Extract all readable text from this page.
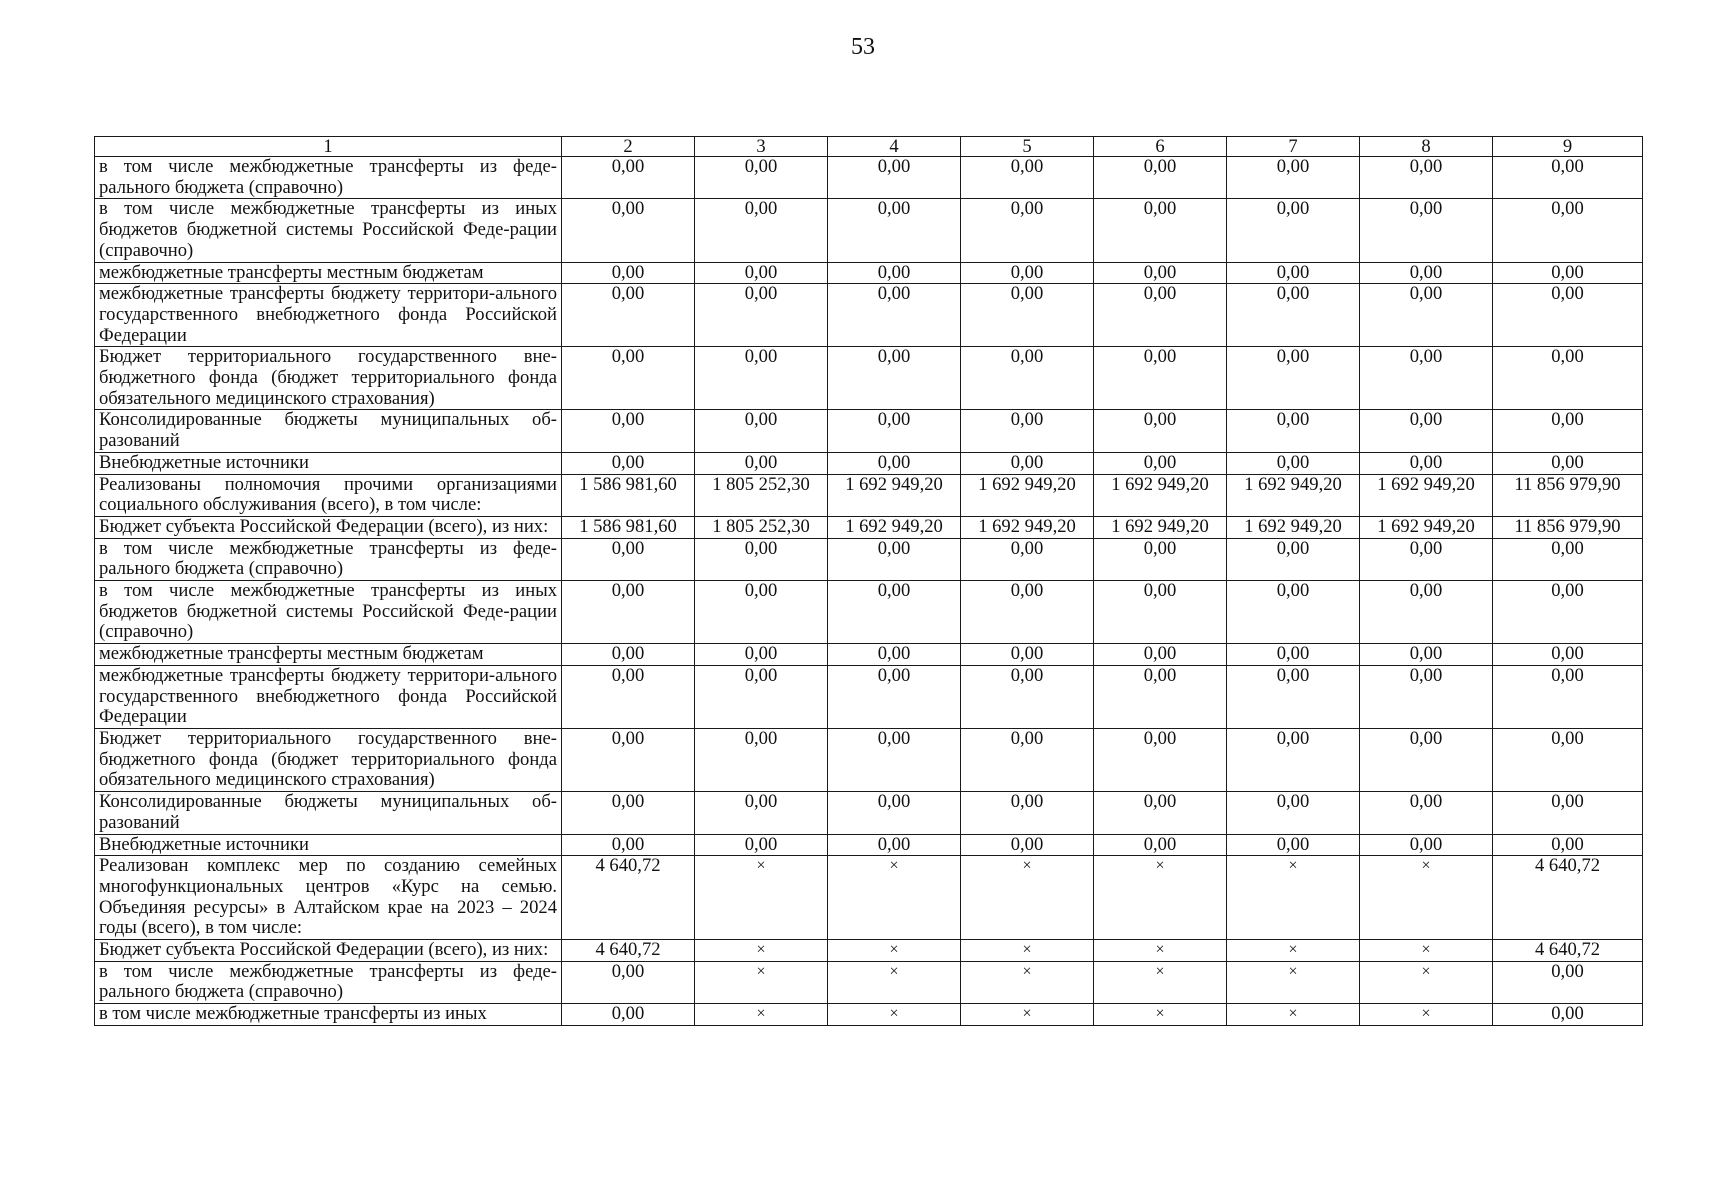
53
1	2	3	4	5	6	7	8	9
в том числе межбюджетные трансферты из феде-рального бюджета (справочно)	0,00	0,00	0,00	0,00	0,00	0,00	0,00	0,00
в том числе межбюджетные трансферты из иных бюджетов бюджетной системы Российской Феде-рации (справочно)	0,00	0,00	0,00	0,00	0,00	0,00	0,00	0,00
межбюджетные трансферты местным бюджетам	0,00	0,00	0,00	0,00	0,00	0,00	0,00	0,00
межбюджетные трансферты бюджету территори-ального государственного внебюджетного фонда Российской Федерации	0,00	0,00	0,00	0,00	0,00	0,00	0,00	0,00
Бюджет территориального государственного вне-бюджетного фонда (бюджет территориального фонда обязательного медицинского страхования)	0,00	0,00	0,00	0,00	0,00	0,00	0,00	0,00
Консолидированные бюджеты муниципальных об-разований	0,00	0,00	0,00	0,00	0,00	0,00	0,00	0,00
Внебюджетные источники	0,00	0,00	0,00	0,00	0,00	0,00	0,00	0,00
Реализованы полномочия прочими организациями социального обслуживания (всего), в том числе:	1 586 981,60	1 805 252,30	1 692 949,20	1 692 949,20	1 692 949,20	1 692 949,20	1 692 949,20	11 856 979,90
Бюджет субъекта Российской Федерации (всего), из них:	1 586 981,60	1 805 252,30	1 692 949,20	1 692 949,20	1 692 949,20	1 692 949,20	1 692 949,20	11 856 979,90
в том числе межбюджетные трансферты из феде-рального бюджета (справочно)	0,00	0,00	0,00	0,00	0,00	0,00	0,00	0,00
в том числе межбюджетные трансферты из иных бюджетов бюджетной системы Российской Феде-рации (справочно)	0,00	0,00	0,00	0,00	0,00	0,00	0,00	0,00
межбюджетные трансферты местным бюджетам	0,00	0,00	0,00	0,00	0,00	0,00	0,00	0,00
межбюджетные трансферты бюджету территори-ального государственного внебюджетного фонда Российской Федерации	0,00	0,00	0,00	0,00	0,00	0,00	0,00	0,00
Бюджет территориального государственного вне-бюджетного фонда (бюджет территориального фонда обязательного медицинского страхования)	0,00	0,00	0,00	0,00	0,00	0,00	0,00	0,00
Консолидированные бюджеты муниципальных об-разований	0,00	0,00	0,00	0,00	0,00	0,00	0,00	0,00
Внебюджетные источники	0,00	0,00	0,00	0,00	0,00	0,00	0,00	0,00
Реализован комплекс мер по созданию семейных многофункциональных центров «Курс на семью. Объединяя ресурсы» в Алтайском крае на 2023 – 2024 годы (всего), в том числе:	4 640,72	×	×	×	×	×	×	4 640,72
Бюджет субъекта Российской Федерации (всего), из них:	4 640,72	×	×	×	×	×	×	4 640,72
в том числе межбюджетные трансферты из феде-рального бюджета (справочно)	0,00	×	×	×	×	×	×	0,00
в том числе межбюджетные трансферты из иных	0,00	×	×	×	×	×	×	0,00
